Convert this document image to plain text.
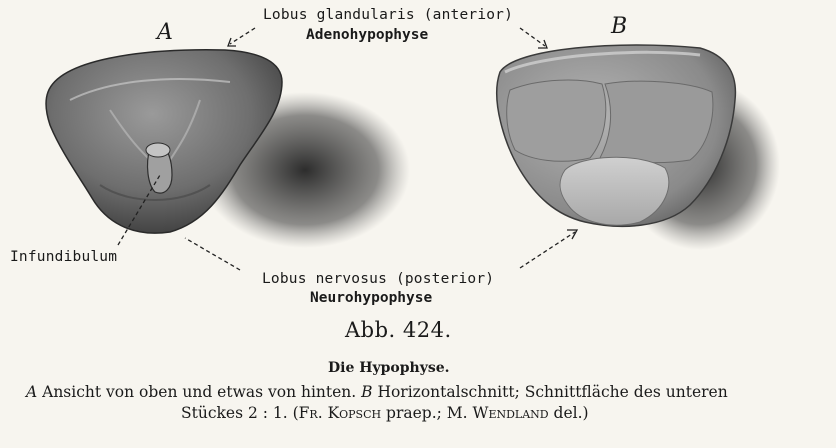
A	B
Lobus glandularis (anterior)
Adenohypophyse
Infundibulum
Lobus nervosus (posterior)
Neurohypophyse
Abb. 424.
Die Hypophyse.
A Ansicht von oben und etwas von hinten. B Horizontalschnitt; Schnittfläche des unteren
Stückes 2 : 1. (Fr. Kopsch praep.; M. Wendland del.)
